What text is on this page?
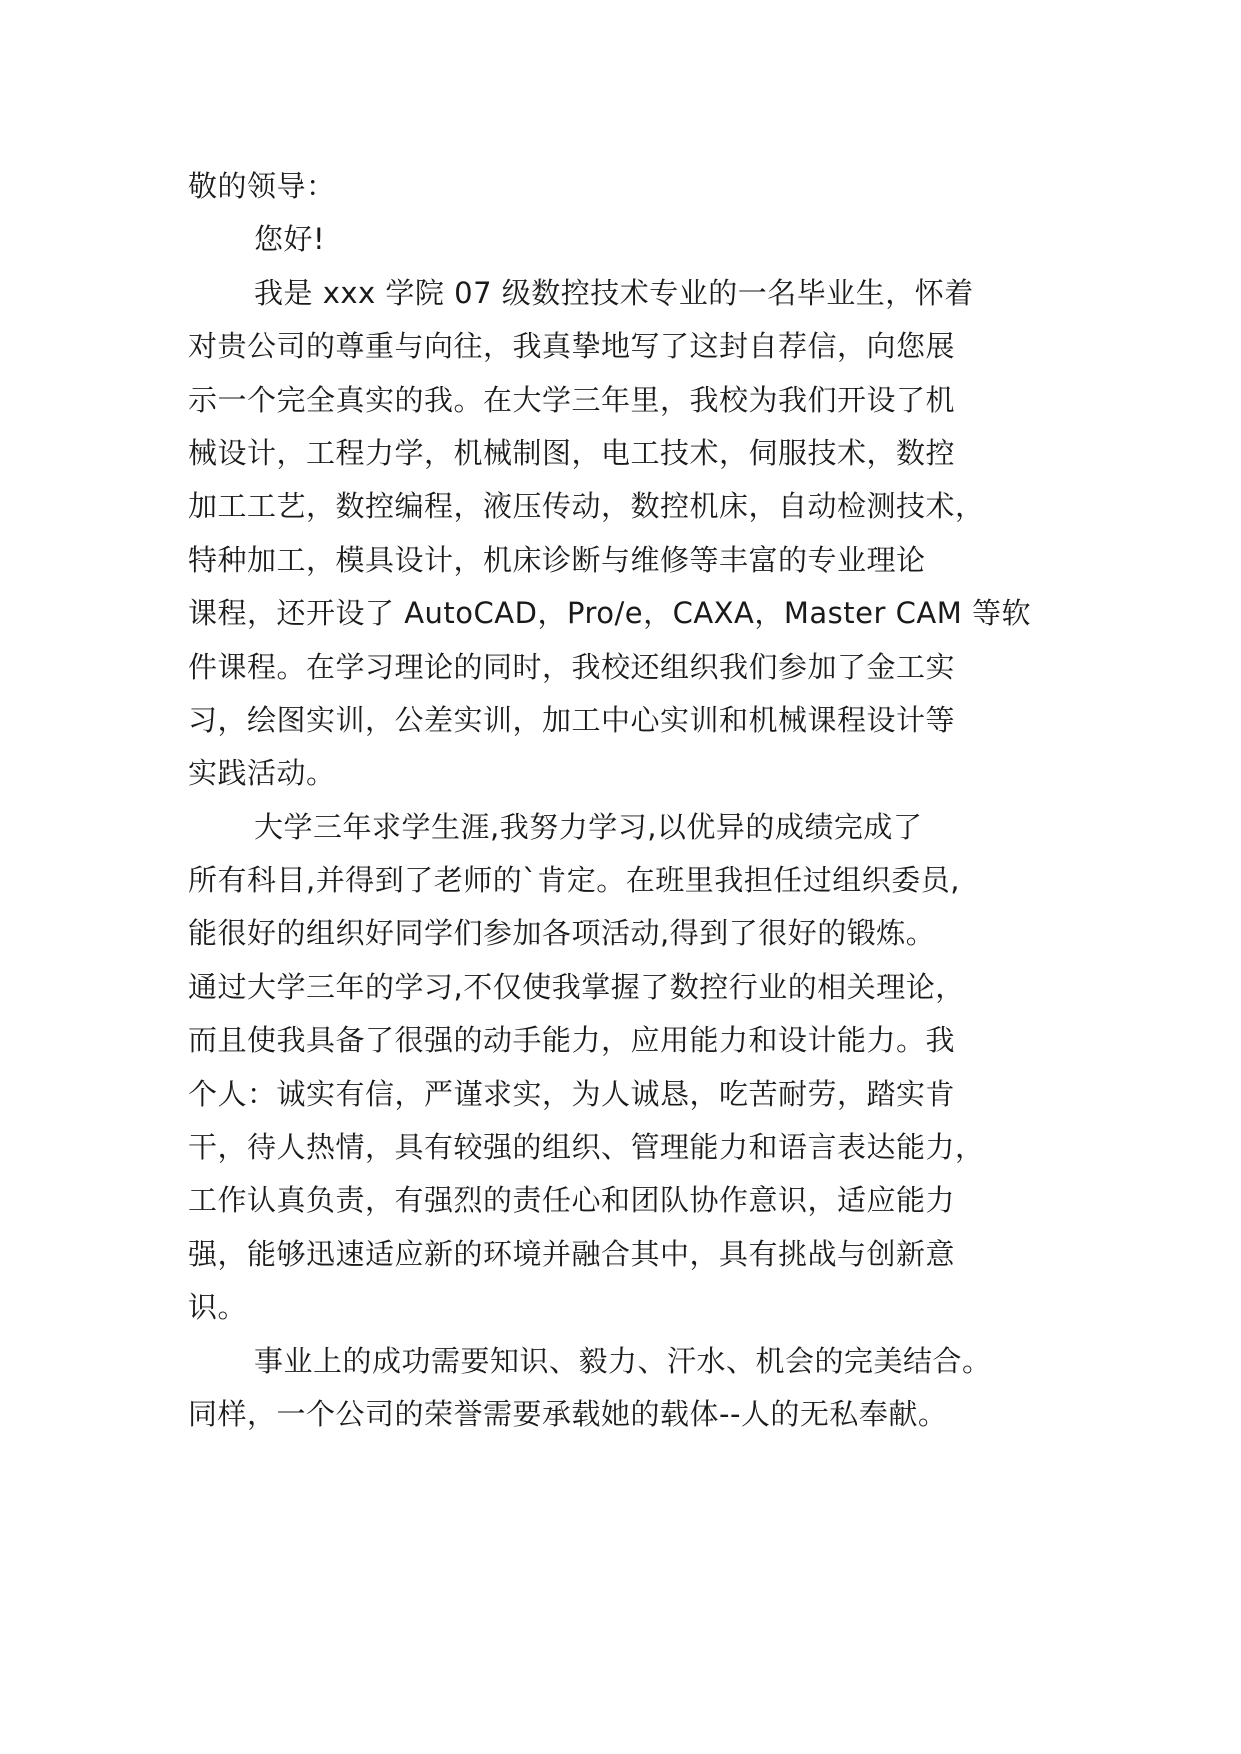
敬的领导：
您好!
我是 xxx 学院 07 级数控技术专业的一名毕业生，怀着
对贵公司的尊重与向往，我真挚地写了这封自荐信，向您展
示一个完全真实的我。在大学三年里，我校为我们开设了机
械设计，工程力学，机械制图，电工技术，伺服技术，数控
加工工艺，数控编程，液压传动，数控机床，自动检测技术，
特种加工，模具设计，机床诊断与维修等丰富的专业理论
课程，还开设了 AutoCAD，Pro/e，CAXA，Master CAM 等软
件课程。在学习理论的同时，我校还组织我们参加了金工实
习，绘图实训，公差实训，加工中心实训和机械课程设计等
实践活动。
大学三年求学生涯,我努力学习,以优异的成绩完成了
所有科目,并得到了老师的`肯定。在班里我担任过组织委员,
能很好的组织好同学们参加各项活动,得到了很好的锻炼。
通过大学三年的学习,不仅使我掌握了数控行业的相关理论，
而且使我具备了很强的动手能力，应用能力和设计能力。我
个人：诚实有信，严谨求实，为人诚恳，吃苦耐劳，踏实肯
干，待人热情，具有较强的组织、管理能力和语言表达能力，
工作认真负责，有强烈的责任心和团队协作意识，适应能力
强，能够迅速适应新的环境并融合其中，具有挑战与创新意
识。
事业上的成功需要知识、毅力、汗水、机会的完美结合。
同样，一个公司的荣誉需要承载她的载体--人的无私奉献。
